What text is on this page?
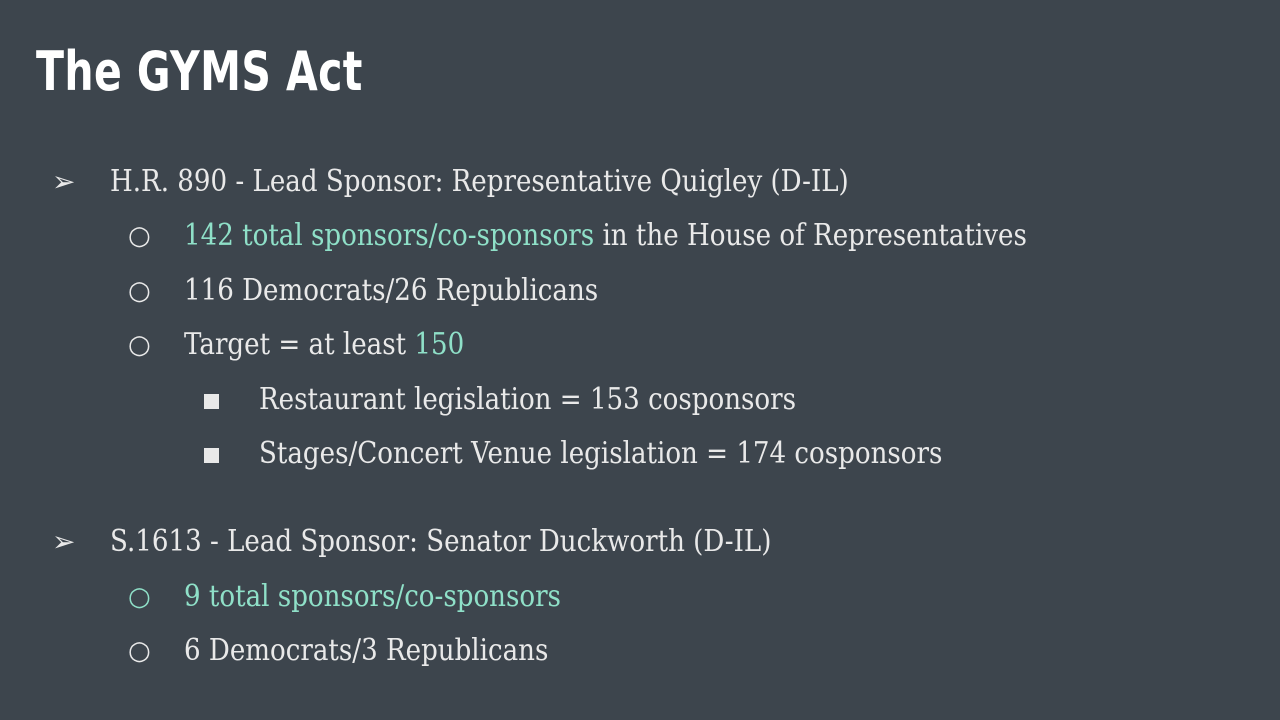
The GYMS Act
➢ H.R. 890 - Lead Sponsor: Representative Quigley (D-IL)
○ 142 total sponsors/co-sponsors in the House of Representatives
○ 116 Democrats/26 Republicans
○ Target = at least 150
Restaurant legislation = 153 cosponsors
Stages/Concert Venue legislation = 174 cosponsors
➢ S.1613 - Lead Sponsor: Senator Duckworth (D-IL)
○ 9 total sponsors/co-sponsors
○ 6 Democrats/3 Republicans
